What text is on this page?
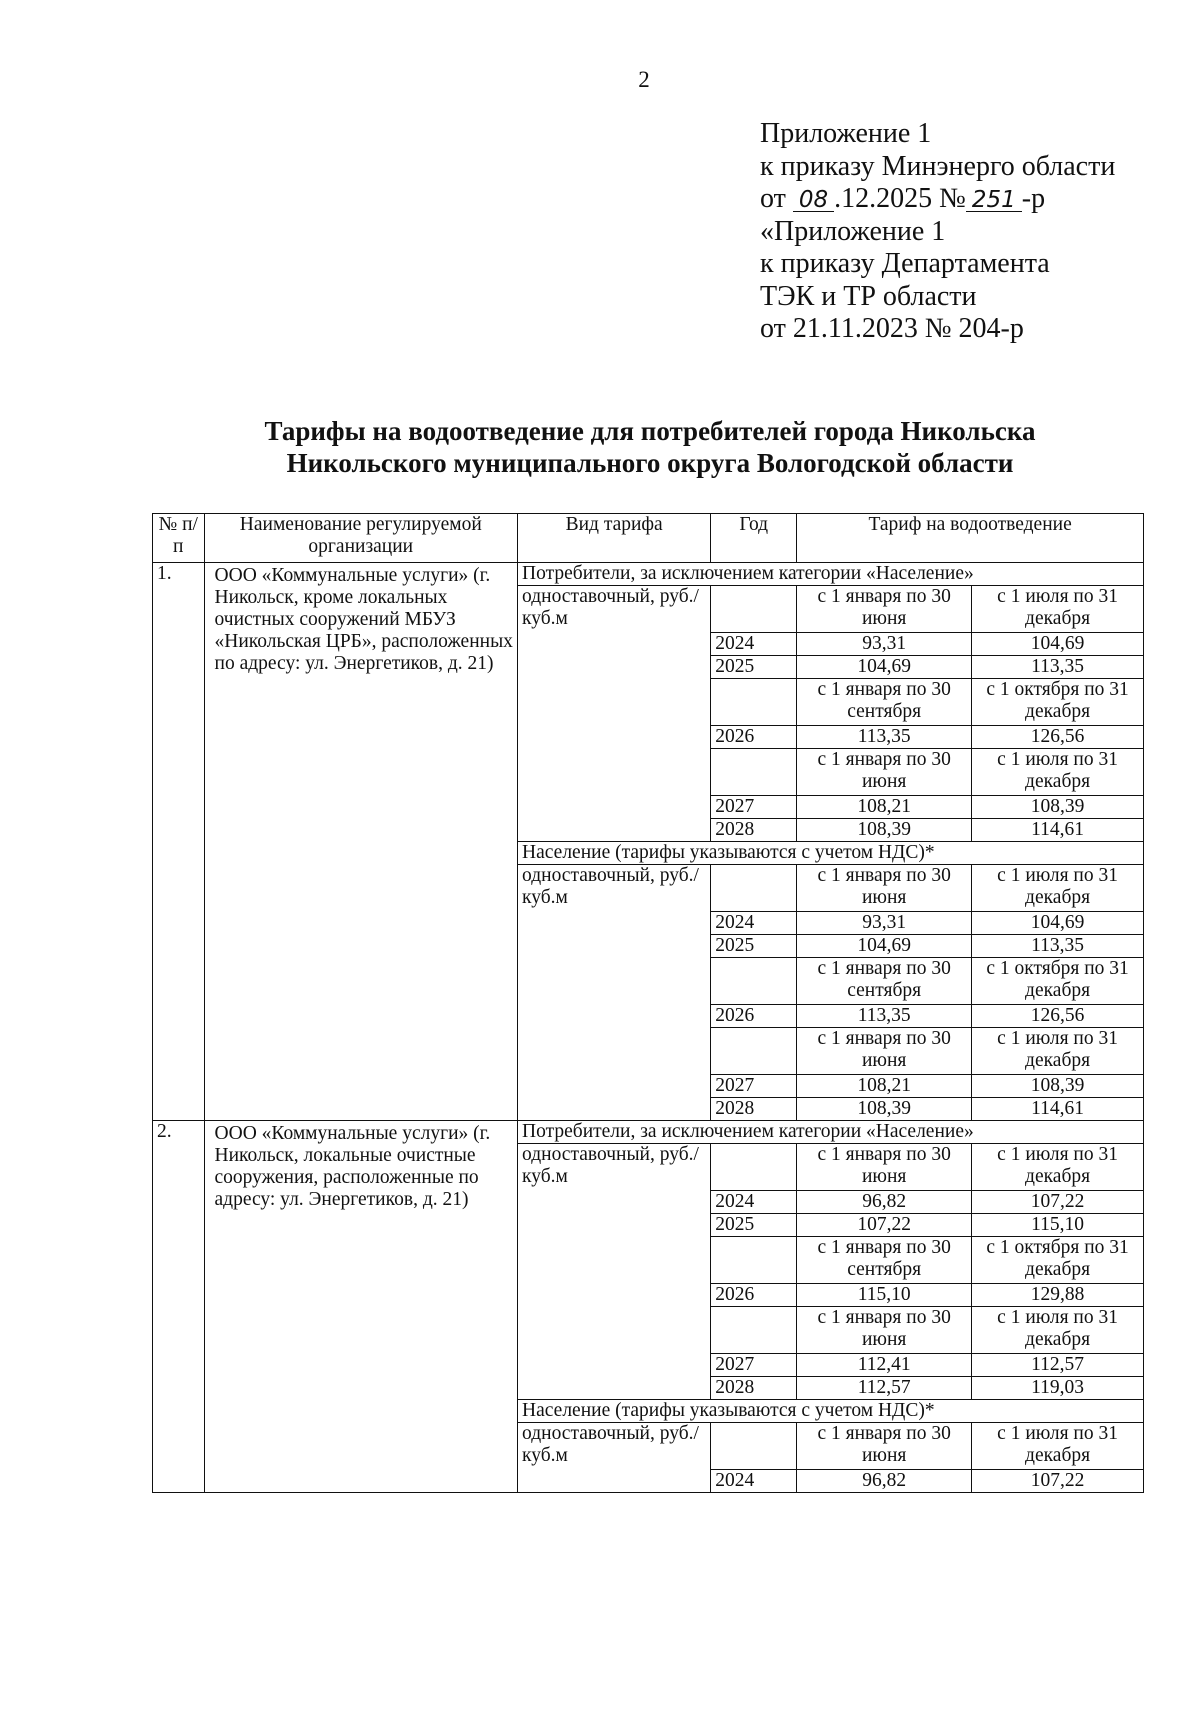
2
Приложение 1
к приказу Минэнерго области
от 08 .12.2025 № 251 -р
«Приложение 1
к приказу Департамента
ТЭК и ТР области
от 21.11.2023 № 204-р
Тарифы на водоотведение для потребителей города Никольска
Никольского муниципального округа Вологодской области
№ п/п	Наименование регулируемой организации	Вид тарифа	Год	Тариф на водоотведение	
1.	ООО «Коммунальные услуги» (г. Никольск, кроме локальных очистных сооружений МБУЗ «Никольская ЦРБ», расположенных по адресу: ул. Энергетиков, д. 21)	Потребители, за исключением категории «Население»			
		одноставочный, руб./куб.м		с 1 января по 30 июня	с 1 июля по 31 декабря
			2024	93,31	104,69
			2025	104,69	113,35
				с 1 января по 30 сентября	с 1 октября по 31 декабря
			2026	113,35	126,56
				с 1 января по 30 июня	с 1 июля по 31 декабря
			2027	108,21	108,39
			2028	108,39	114,61
		Население (тарифы указываются с учетом НДС)*			
		одноставочный, руб./куб.м		с 1 января по 30 июня	с 1 июля по 31 декабря
			2024	93,31	104,69
			2025	104,69	113,35
				с 1 января по 30 сентября	с 1 октября по 31 декабря
			2026	113,35	126,56
				с 1 января по 30 июня	с 1 июля по 31 декабря
			2027	108,21	108,39
			2028	108,39	114,61
2.	ООО «Коммунальные услуги» (г. Никольск, локальные очистные сооружения, расположенные по адресу: ул. Энергетиков, д. 21)	Потребители, за исключением категории «Население»			
		одноставочный, руб./куб.м		с 1 января по 30 июня	с 1 июля по 31 декабря
			2024	96,82	107,22
			2025	107,22	115,10
				с 1 января по 30 сентября	с 1 октября по 31 декабря
			2026	115,10	129,88
				с 1 января по 30 июня	с 1 июля по 31 декабря
			2027	112,41	112,57
			2028	112,57	119,03
		Население (тарифы указываются с учетом НДС)*			
		одноставочный, руб./куб.м		с 1 января по 30 июня	с 1 июля по 31 декабря
			2024	96,82	107,22
